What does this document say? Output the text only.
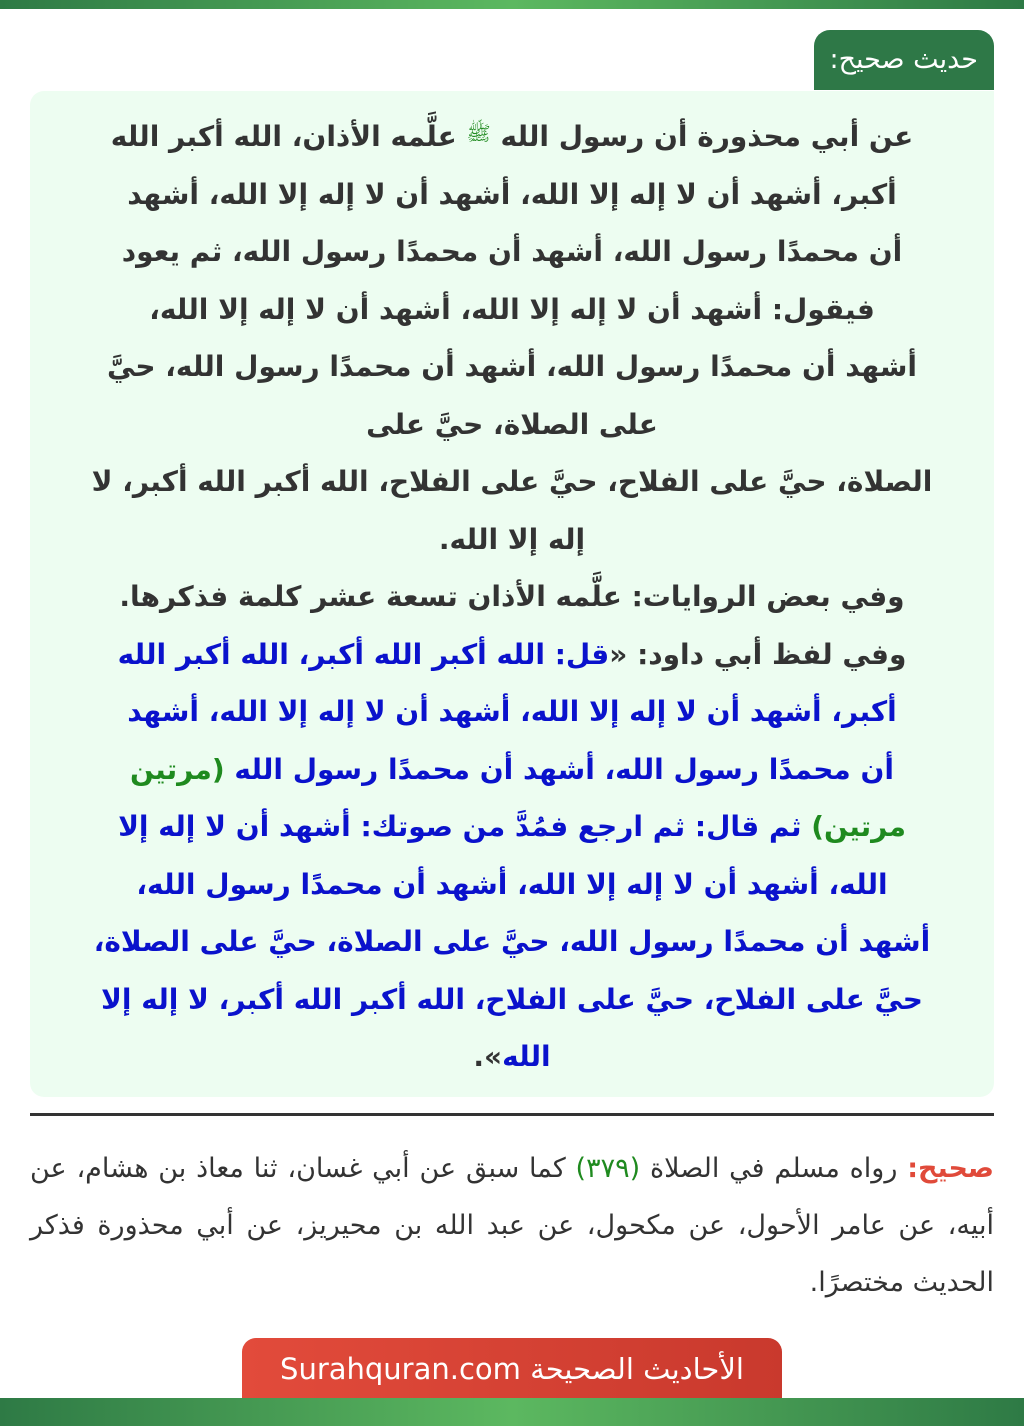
حديث صحيح:

عن أبي محذورة أن رسول الله $^ﷺ$ علَّمه الأذان، الله أكبر الله

أكبر، أشهد أن لا إله إلا الله، أشهد أن لا إله إلا الله، أشهد

أن محمدًا رسول الله، أشهد أن محمدًا رسول الله، ثم يعود

فيقول: أشهد أن لا إله إلا الله، أشهد أن لا إله إلا الله،

أشهد أن محمدًا رسول الله، أشهد أن محمدًا رسول الله، حيَّ

على الصلاة، حيَّ على

الصلاة، حيَّ على الفلاح، حيَّ على الفلاح، الله أكبر الله أكبر، لا

إله إلا الله.

وفي بعض الروايات: علَّمه الأذان تسعة عشر كلمة فذكرها.

وفي لفظ أبي داود: «قل: الله أكبر الله أكبر، الله أكبر الله

أكبر، أشهد أن لا إله إلا الله، أشهد أن لا إله إلا الله، أشهد

أن محمدًا رسول الله، أشهد أن محمدًا رسول الله (مرتين

مرتين) ثم قال: ثم ارجع فمُدَّ من صوتك: أشهد أن لا إله إلا

الله، أشهد أن لا إله إلا الله، أشهد أن محمدًا رسول الله،

أشهد أن محمدًا رسول الله، حيَّ على الصلاة، حيَّ على الصلاة،

حيَّ على الفلاح، حيَّ على الفلاح، الله أكبر الله أكبر، لا إله إلا

الله».

صحيح: رواه مسلم في الصلاة (٣٧٩) كما سبق عن أبي غسان، ثنا معاذ بن هشام، عن أبيه، عن عامر الأحول، عن مكحول، عن عبد الله بن محيريز، عن أبي محذورة فذكر الحديث مختصرًا.
الأحاديث الصحيحة Surahquran.com
